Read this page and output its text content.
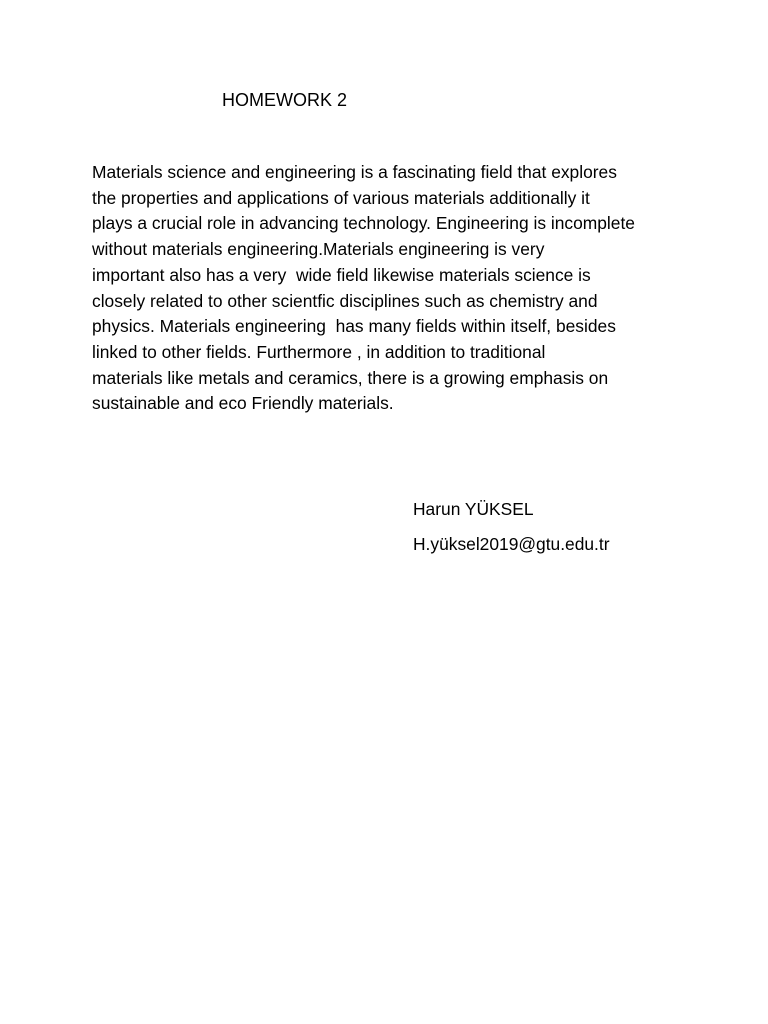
HOMEWORK 2
Materials science and engineering is a fascinating field that explores
the properties and applications of various materials additionally it
plays a crucial role in advancing technology. Engineering is incomplete
without materials engineering.Materials engineering is very
important also has a very  wide field likewise materials science is
closely related to other scientfic disciplines such as chemistry and
physics. Materials engineering  has many fields within itself, besides
linked to other fields. Furthermore , in addition to traditional
materials like metals and ceramics, there is a growing emphasis on
sustainable and eco Friendly materials.
Harun YÜKSEL
H.yüksel2019@gtu.edu.tr
